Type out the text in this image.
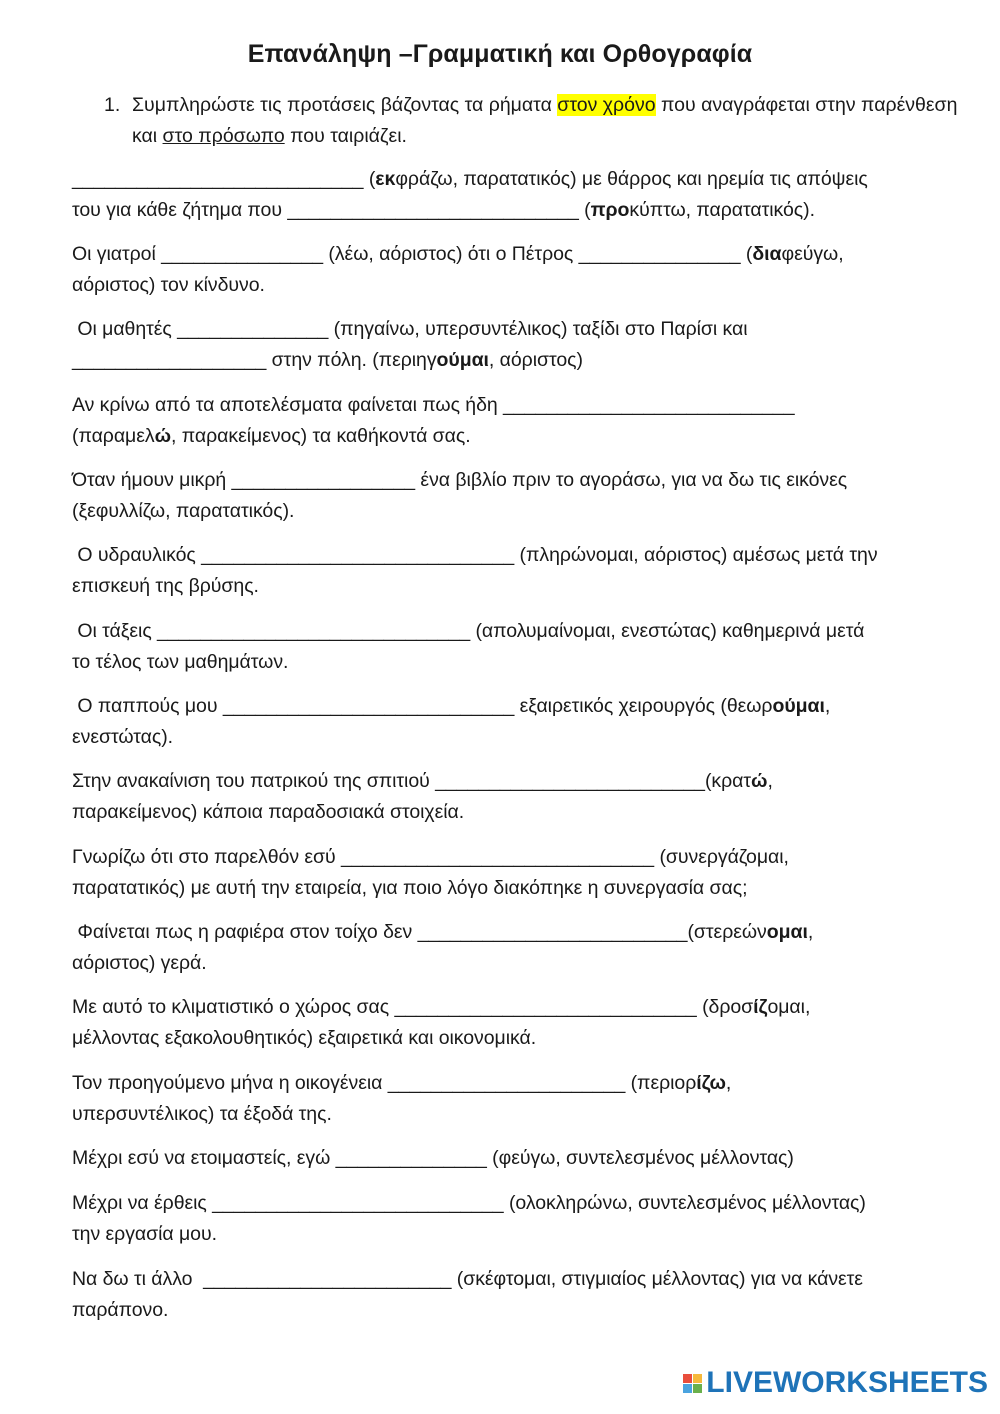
Επανάληψη –Γραμματική και Ορθογραφία
1. Συμπληρώστε τις προτάσεις βάζοντας τα ρήματα στον χρόνο που αναγράφεται στην παρένθεση και στο πρόσωπο που ταιριάζει.
___________________________ (εκφράζω, παρατατικός) με θάρρος και ηρεμία τις απόψεις
του για κάθε ζήτημα που ___________________________ (προκύπτω, παρατατικός).
Οι γιατροί _______________ (λέω, αόριστος) ότι ο Πέτρος _______________ (διαφεύγω,
αόριστος) τον κίνδυνο.
Οι μαθητές ______________ (πηγαίνω, υπερσυντέλικος) ταξίδι στο Παρίσι και
__________________ στην πόλη. (περιηγούμαι, αόριστος)
Αν κρίνω από τα αποτελέσματα φαίνεται πως ήδη ___________________________
(παραμελώ, παρακείμενος) τα καθήκοντά σας.
Όταν ήμουν μικρή _________________ ένα βιβλίο πριν το αγοράσω, για να δω τις εικόνες
(ξεφυλλίζω, παρατατικός).
Ο υδραυλικός _____________________________ (πληρώνομαι, αόριστος) αμέσως μετά την
επισκευή της βρύσης.
Οι τάξεις _____________________________ (απολυμαίνομαι, ενεστώτας) καθημερινά μετά
το τέλος των μαθημάτων.
Ο παππούς μου ___________________________ εξαιρετικός χειρουργός (θεωρούμαι,
ενεστώτας).
Στην ανακαίνιση του πατρικού της σπιτιού _________________________(κρατώ,
παρακείμενος) κάποια παραδοσιακά στοιχεία.
Γνωρίζω ότι στο παρελθόν εσύ _____________________________ (συνεργάζομαι,
παρατατικός) με αυτή την εταιρεία, για ποιο λόγο διακόπηκε η συνεργασία σας;
Φαίνεται πως η ραφιέρα στον τοίχο δεν _________________________(στερεώνομαι,
αόριστος) γερά.
Με αυτό το κλιματιστικό ο χώρος σας ____________________________ (δροσίζομαι,
μέλλοντας εξακολουθητικός) εξαιρετικά και οικονομικά.
Τον προηγούμενο μήνα η οικογένεια ______________________ (περιορίζω,
υπερσυντέλικος) τα έξοδά της.
Μέχρι εσύ να ετοιμαστείς, εγώ ______________ (φεύγω, συντελεσμένος μέλλοντας)
Μέχρι να έρθεις ___________________________ (ολοκληρώνω, συντελεσμένος μέλλοντας)
την εργασία μου.
Να δω τι άλλο  _______________________ (σκέφτομαι, στιγμιαίος μέλλοντας) για να κάνετε
παράπονο.
LIVEWORKSHEETS
